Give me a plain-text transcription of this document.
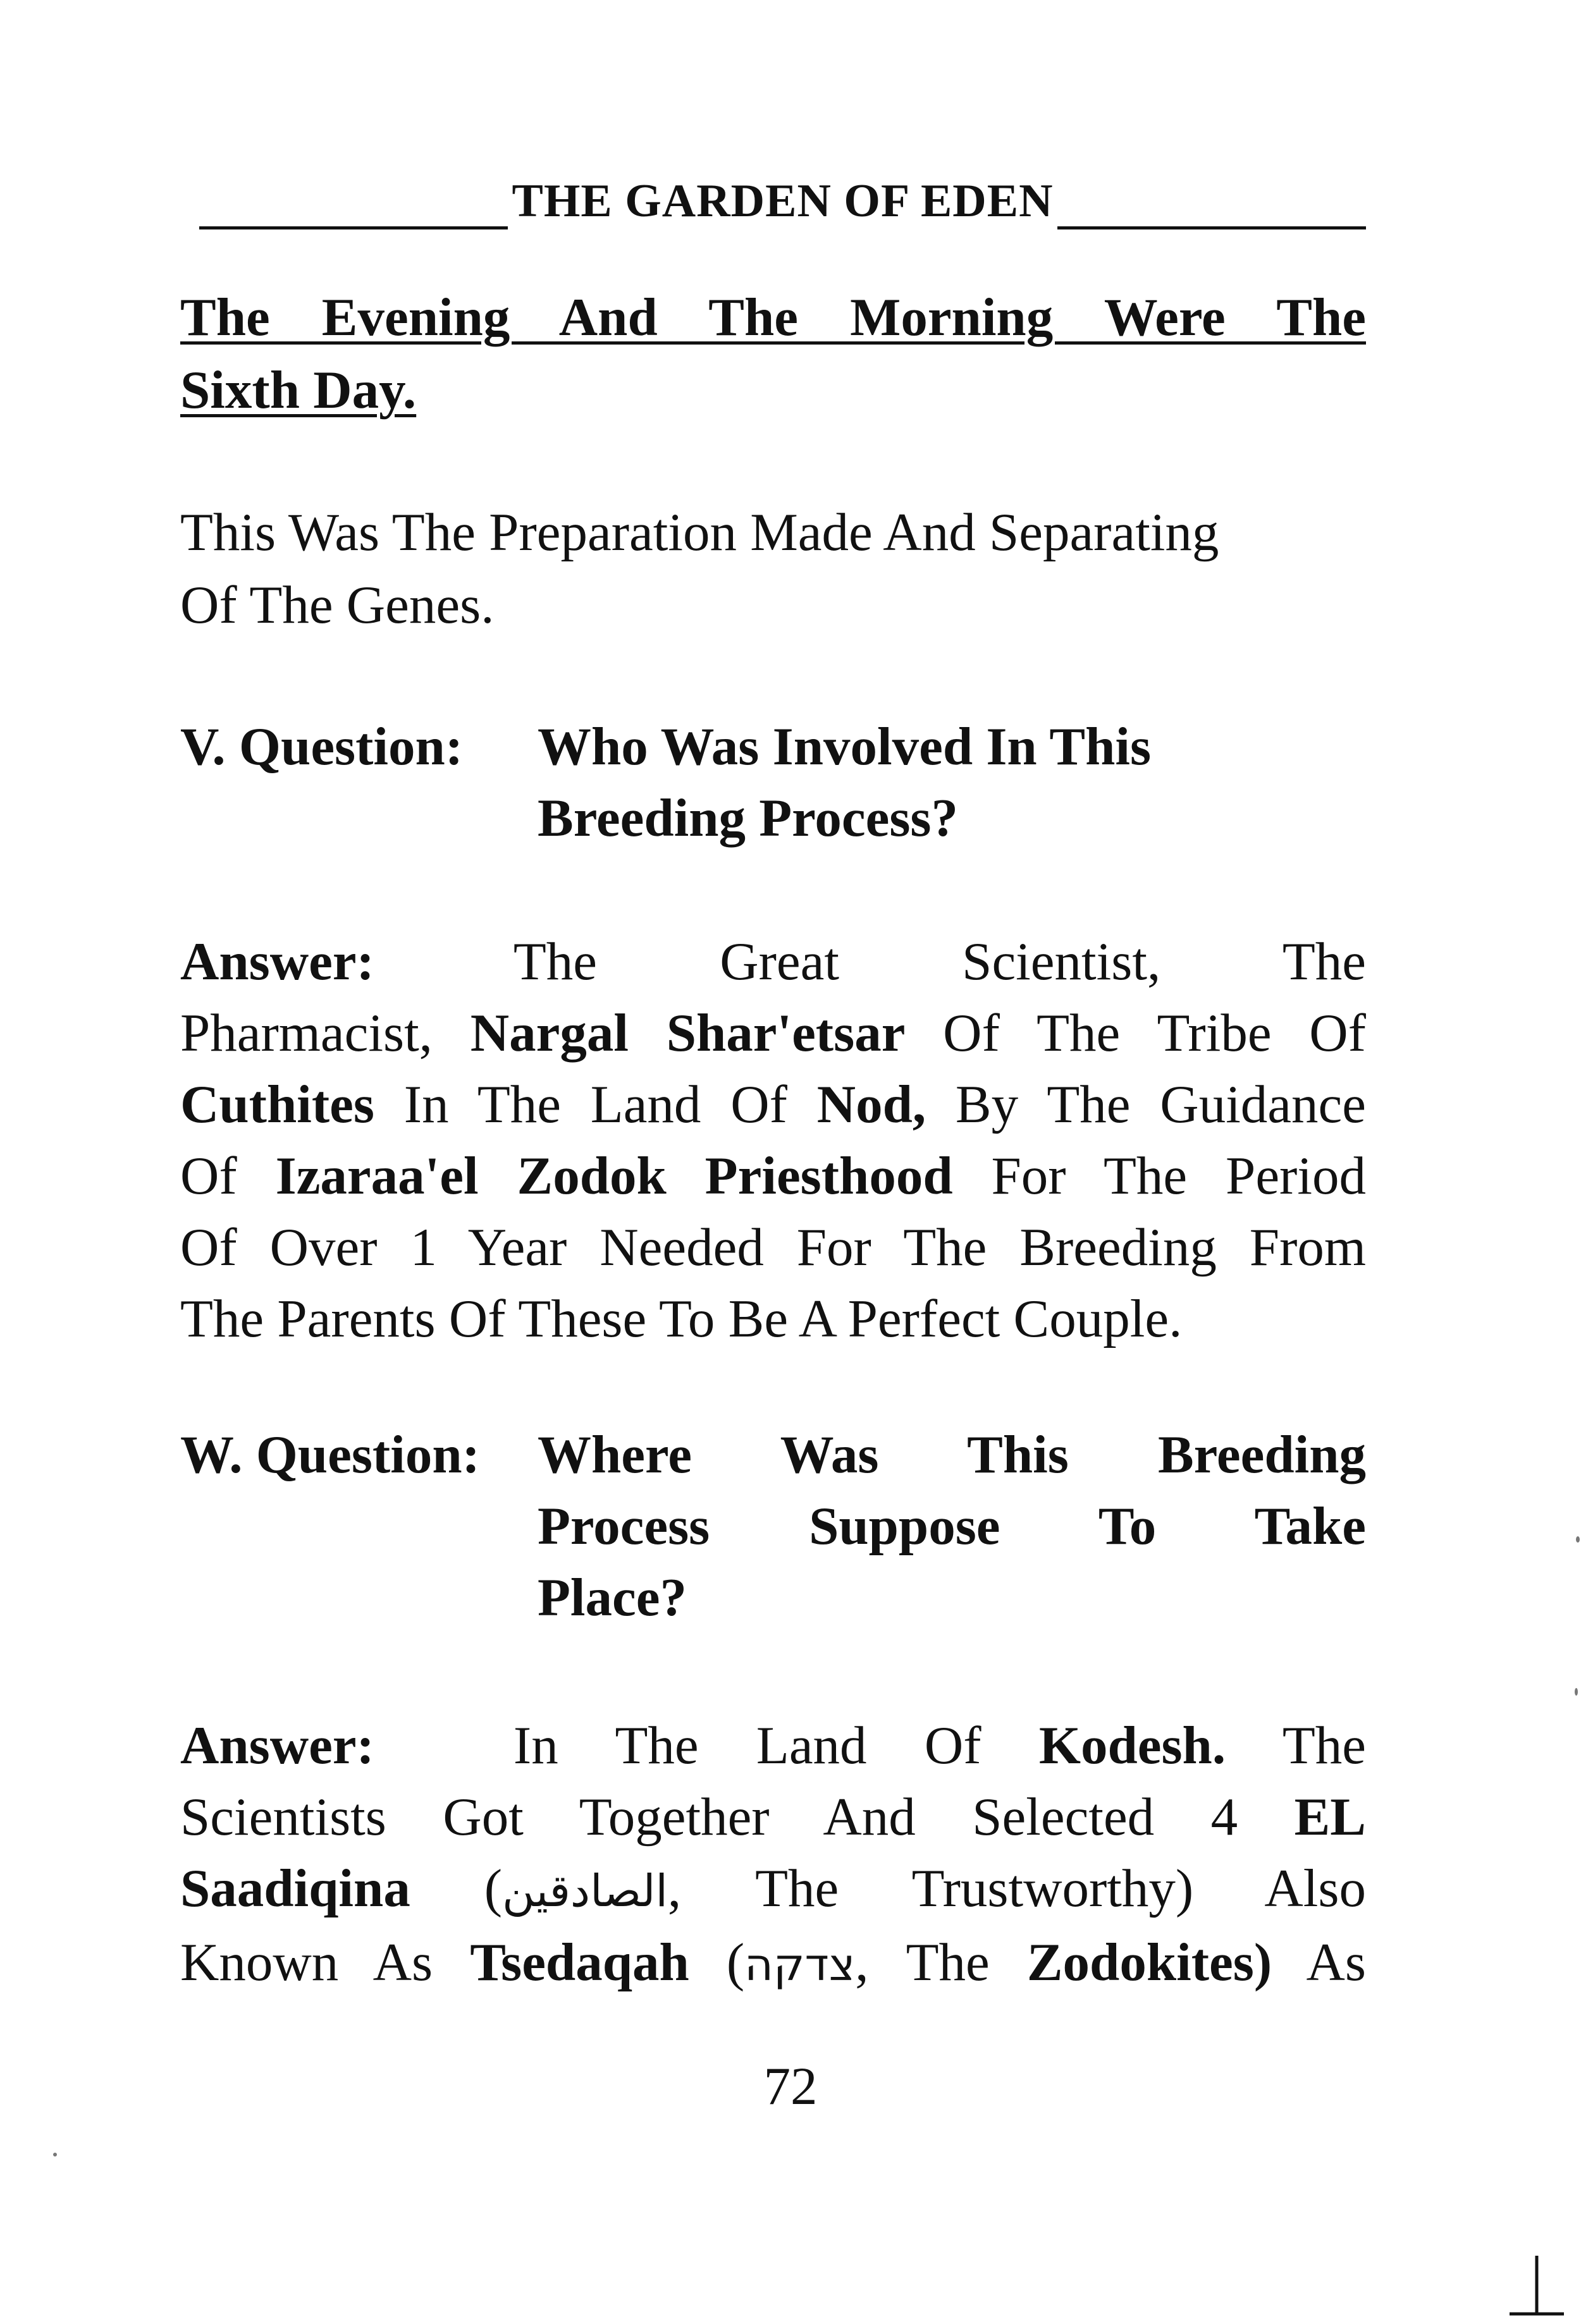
THE GARDEN OF EDEN
The Evening And The Morning Were The
Sixth Day.
This Was The Preparation Made And Separating
Of The Genes.
V. Question:	Who Was Involved In This
Breeding Process?
Answer:	The Great Scientist, The
Pharmacist, Nargal Shar'etsar Of The Tribe Of
Cuthites In The Land Of Nod, By The Guidance
Of Izaraa'el Zodok Priesthood For The Period
Of Over 1 Year Needed For The Breeding From
The Parents Of These To Be A Perfect Couple.
W. Question:	Where Was This Breeding
Process Suppose To Take
Place?
Answer:	In The Land Of Kodesh. The
Scientists Got Together And Selected 4 EL
Saadiqina (الصادقين, The Trustworthy) Also
Known As Tsedaqah (צדקה, The Zodokites) As
72
